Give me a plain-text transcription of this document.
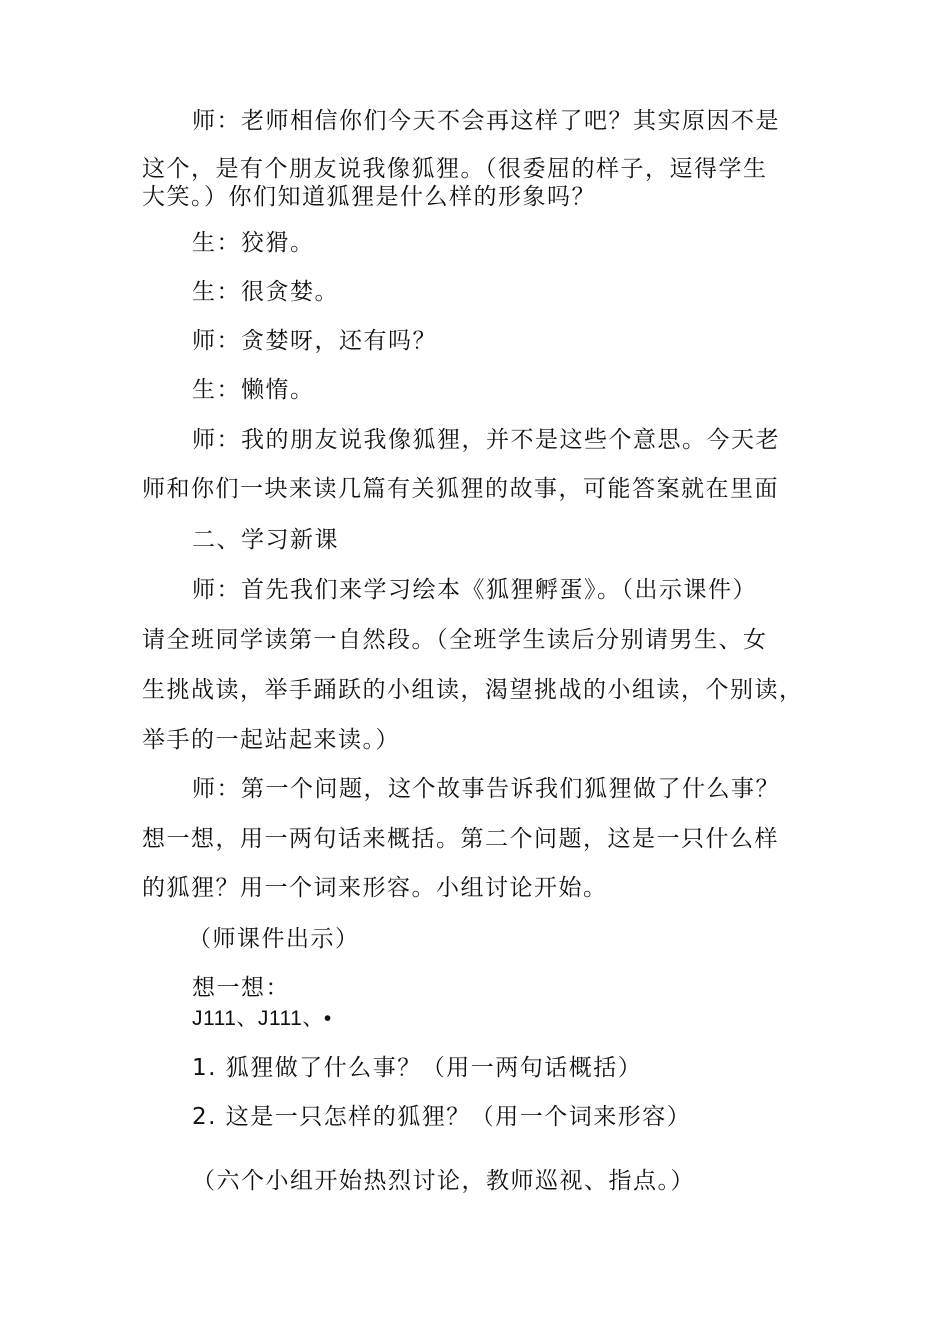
师：老师相信你们今天不会再这样了吧？其实原因不是
这个，是有个朋友说我像狐狸。（很委屈的样子，逗得学生
大笑。）你们知道狐狸是什么样的形象吗？
生：狡猾。
生：很贪婪。
师：贪婪呀，还有吗？
生：懒惰。
师：我的朋友说我像狐狸，并不是这些个意思。今天老
师和你们一块来读几篇有关狐狸的故事，可能答案就在里面
二、学习新课
师：首先我们来学习绘本《狐狸孵蛋》。（出示课件）
请全班同学读第一自然段。（全班学生读后分别请男生、女
生挑战读，举手踊跃的小组读，渴望挑战的小组读，个别读，
举手的一起站起来读。）
师：第一个问题，这个故事告诉我们狐狸做了什么事？
想一想，用一两句话来概括。第二个问题，这是一只什么样
的狐狸？用一个词来形容。小组讨论开始。
（师课件出示）
想一想：
J111、J111、•
1. 狐狸做了什么事？（用一两句话概括）
2. 这是一只怎样的狐狸？（用一个词来形容）
（六个小组开始热烈讨论，教师巡视、指点。）
